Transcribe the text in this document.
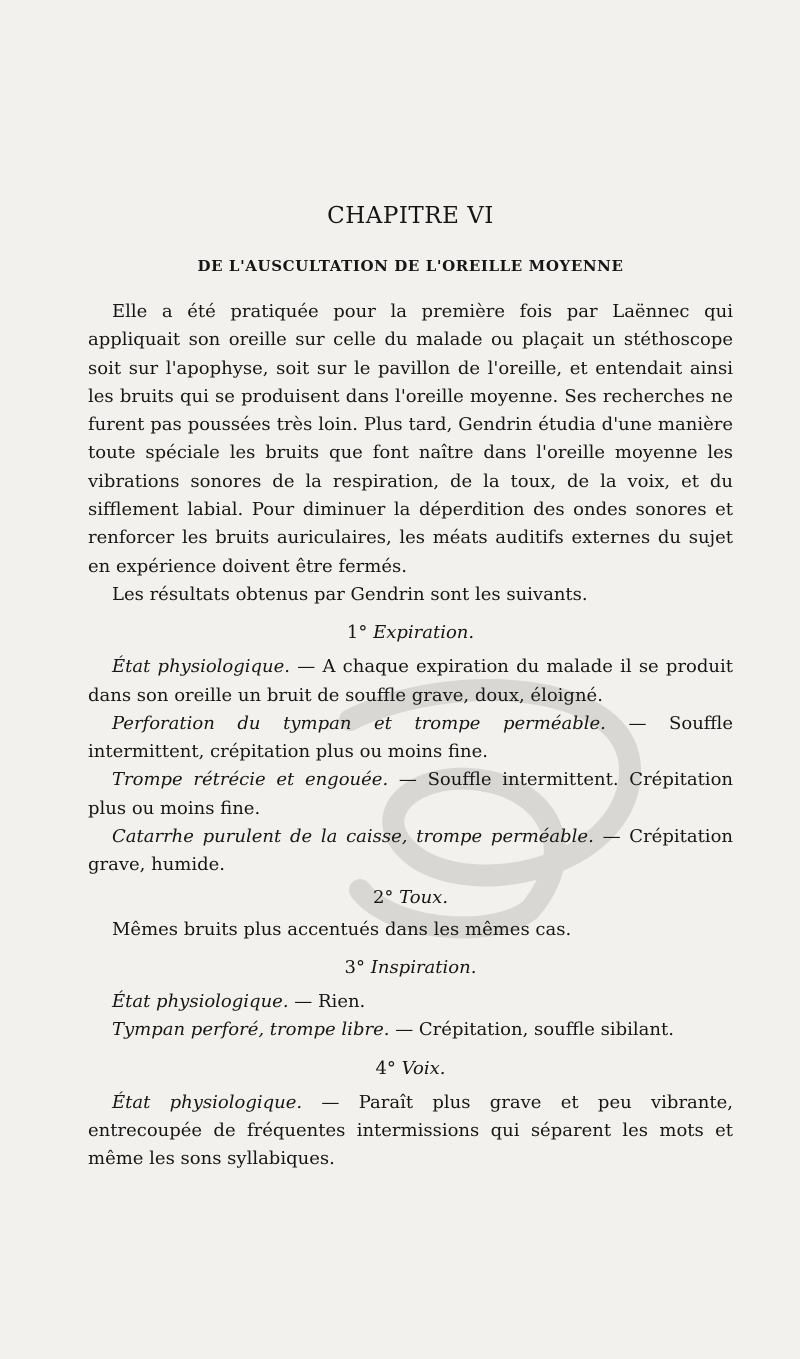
CHAPITRE VI
DE L'AUSCULTATION DE L'OREILLE MOYENNE

Elle a été pratiquée pour la première fois par Laënnec qui appliquait son oreille sur celle du malade ou plaçait un stéthoscope soit sur l'apophyse, soit sur le pavillon de l'oreille, et entendait ainsi les bruits qui se produisent dans l'oreille moyenne. Ses recherches ne furent pas poussées très loin. Plus tard, Gendrin étudia d'une manière toute spéciale les bruits que font naître dans l'oreille moyenne les vibrations sonores de la respiration, de la toux, de la voix, et du sifflement labial. Pour diminuer la déperdition des ondes sonores et renforcer les bruits auriculaires, les méats auditifs externes du sujet en expérience doivent être fermés.

Les résultats obtenus par Gendrin sont les suivants.

1° Expiration.

État physiologique. — A chaque expiration du malade il se produit dans son oreille un bruit de souffle grave, doux, éloigné.

Perforation du tympan et trompe perméable. — Souffle intermittent, crépitation plus ou moins fine.

Trompe rétrécie et engouée. — Souffle intermittent. Crépitation plus ou moins fine.

Catarrhe purulent de la caisse, trompe perméable. — Crépitation grave, humide.

2° Toux.

Mêmes bruits plus accentués dans les mêmes cas.

3° Inspiration.

État physiologique. — Rien.

Tympan perforé, trompe libre. — Crépitation, souffle sibilant.

4° Voix.

État physiologique. — Paraît plus grave et peu vibrante, entrecoupée de fréquentes intermissions qui séparent les mots et même les sons syllabiques.
